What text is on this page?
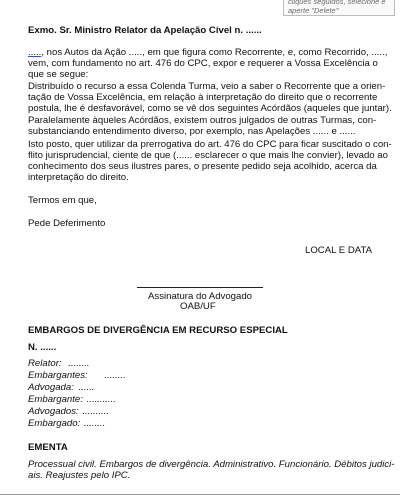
cliques seguidos, selecione e
aperte "Delete"
Exmo. Sr. Ministro Relator da Apelação Cível n. ......
....., nos Autos da Ação ....., em que figura como Recorrente, e, como Recorrido, .....,
vem, com fundamento no art. 476 do CPC, expor e requerer a Vossa Excelência o
que se segue:
Distribuído o recurso a essa Colenda Turma, veio a saber o Recorrente que a orien-
tação de Vossa Excelência, em relação à interpretação do direito que o recorrente
postula, lhe é desfavorável, como se vê dos seguintes Acórdãos (aqueles que juntar).
Paralelamente àqueles Acórdãos, existem outros julgados de outras Turmas, con-
substanciando entendimento diverso, por exemplo, nas Apelações ...... e ......
Isto posto, quer utilizar da prerrogativa do art. 476 do CPC para ficar suscitado o con-
flito jurisprudencial, ciente de que (...... esclarecer o que mais lhe convier), levado ao
conhecimento dos seus ilustres pares, o presente pedido seja acolhido, acerca da
interpretação do direito.
Termos em que,
Pede Deferimento
LOCAL E DATA
Assinatura do Advogado
OAB/UF
EMBARGOS DE DIVERGÊNCIA EM RECURSO ESPECIAL
N. ......
Relator: ........
Embargantes: ........
Advogada: ......
Embargante: ...........
Advogados: ..........
Embargado: ........
EMENTA
Processual civil. Embargos de divergência. Administrativo. Funcionário. Débitos judici-
ais. Reajustes pelo IPC.
